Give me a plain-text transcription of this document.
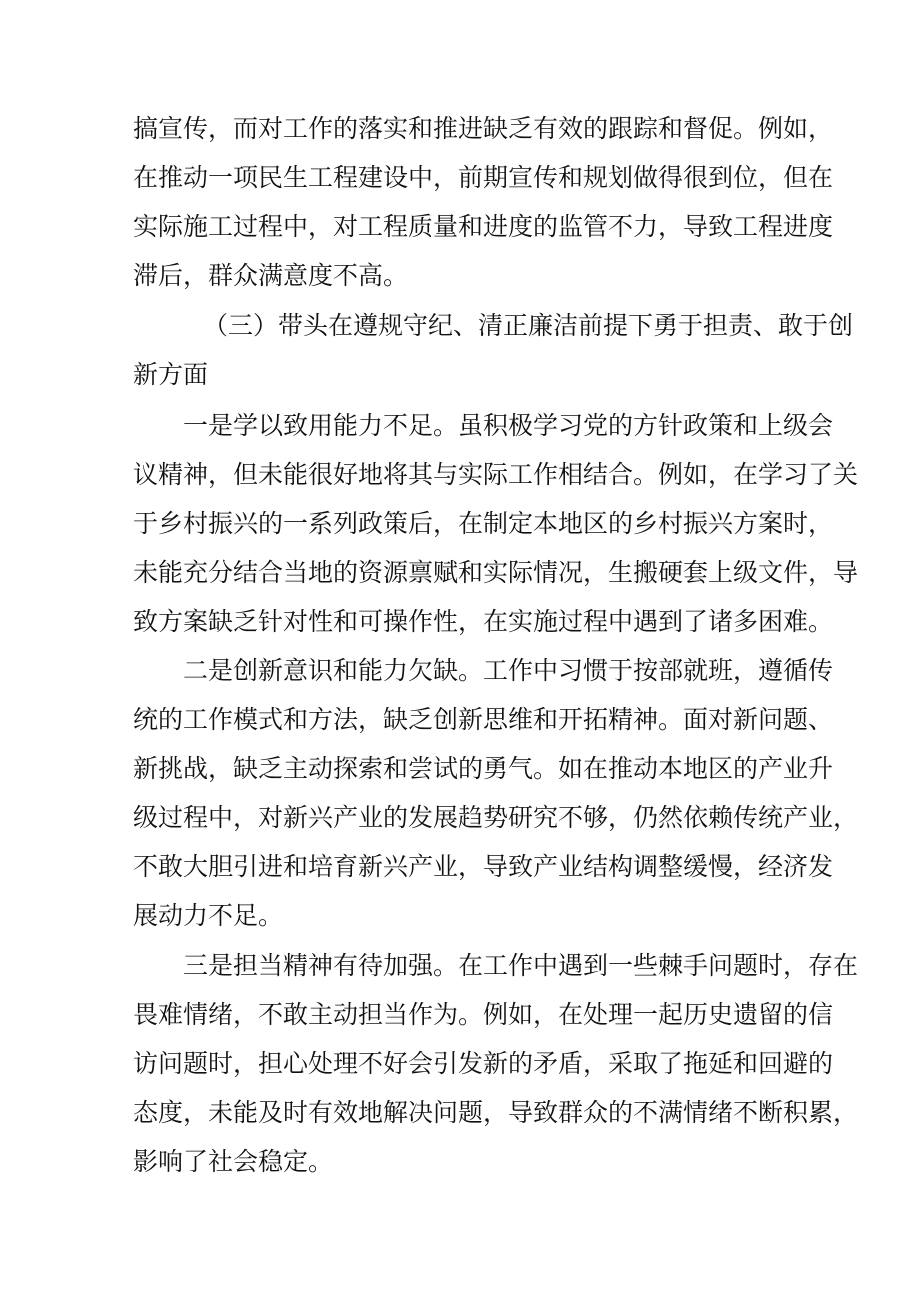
搞宣传，而对工作的落实和推进缺乏有效的跟踪和督促。例如，
在推动一项民生工程建设中，前期宣传和规划做得很到位，但在
实际施工过程中，对工程质量和进度的监管不力，导致工程进度
滞后，群众满意度不高。
（三）带头在遵规守纪、清正廉洁前提下勇于担责、敢于创
新方面
一是学以致用能力不足。虽积极学习党的方针政策和上级会
议精神，但未能很好地将其与实际工作相结合。例如，在学习了关
于乡村振兴的一系列政策后，在制定本地区的乡村振兴方案时，
未能充分结合当地的资源禀赋和实际情况，生搬硬套上级文件，导
致方案缺乏针对性和可操作性，在实施过程中遇到了诸多困难。
二是创新意识和能力欠缺。工作中习惯于按部就班，遵循传
统的工作模式和方法，缺乏创新思维和开拓精神。面对新问题、
新挑战，缺乏主动探索和尝试的勇气。如在推动本地区的产业升
级过程中，对新兴产业的发展趋势研究不够，仍然依赖传统产业，
不敢大胆引进和培育新兴产业，导致产业结构调整缓慢，经济发
展动力不足。
三是担当精神有待加强。在工作中遇到一些棘手问题时，存在
畏难情绪，不敢主动担当作为。例如，在处理一起历史遗留的信
访问题时，担心处理不好会引发新的矛盾，采取了拖延和回避的
态度，未能及时有效地解决问题，导致群众的不满情绪不断积累，
影响了社会稳定。
